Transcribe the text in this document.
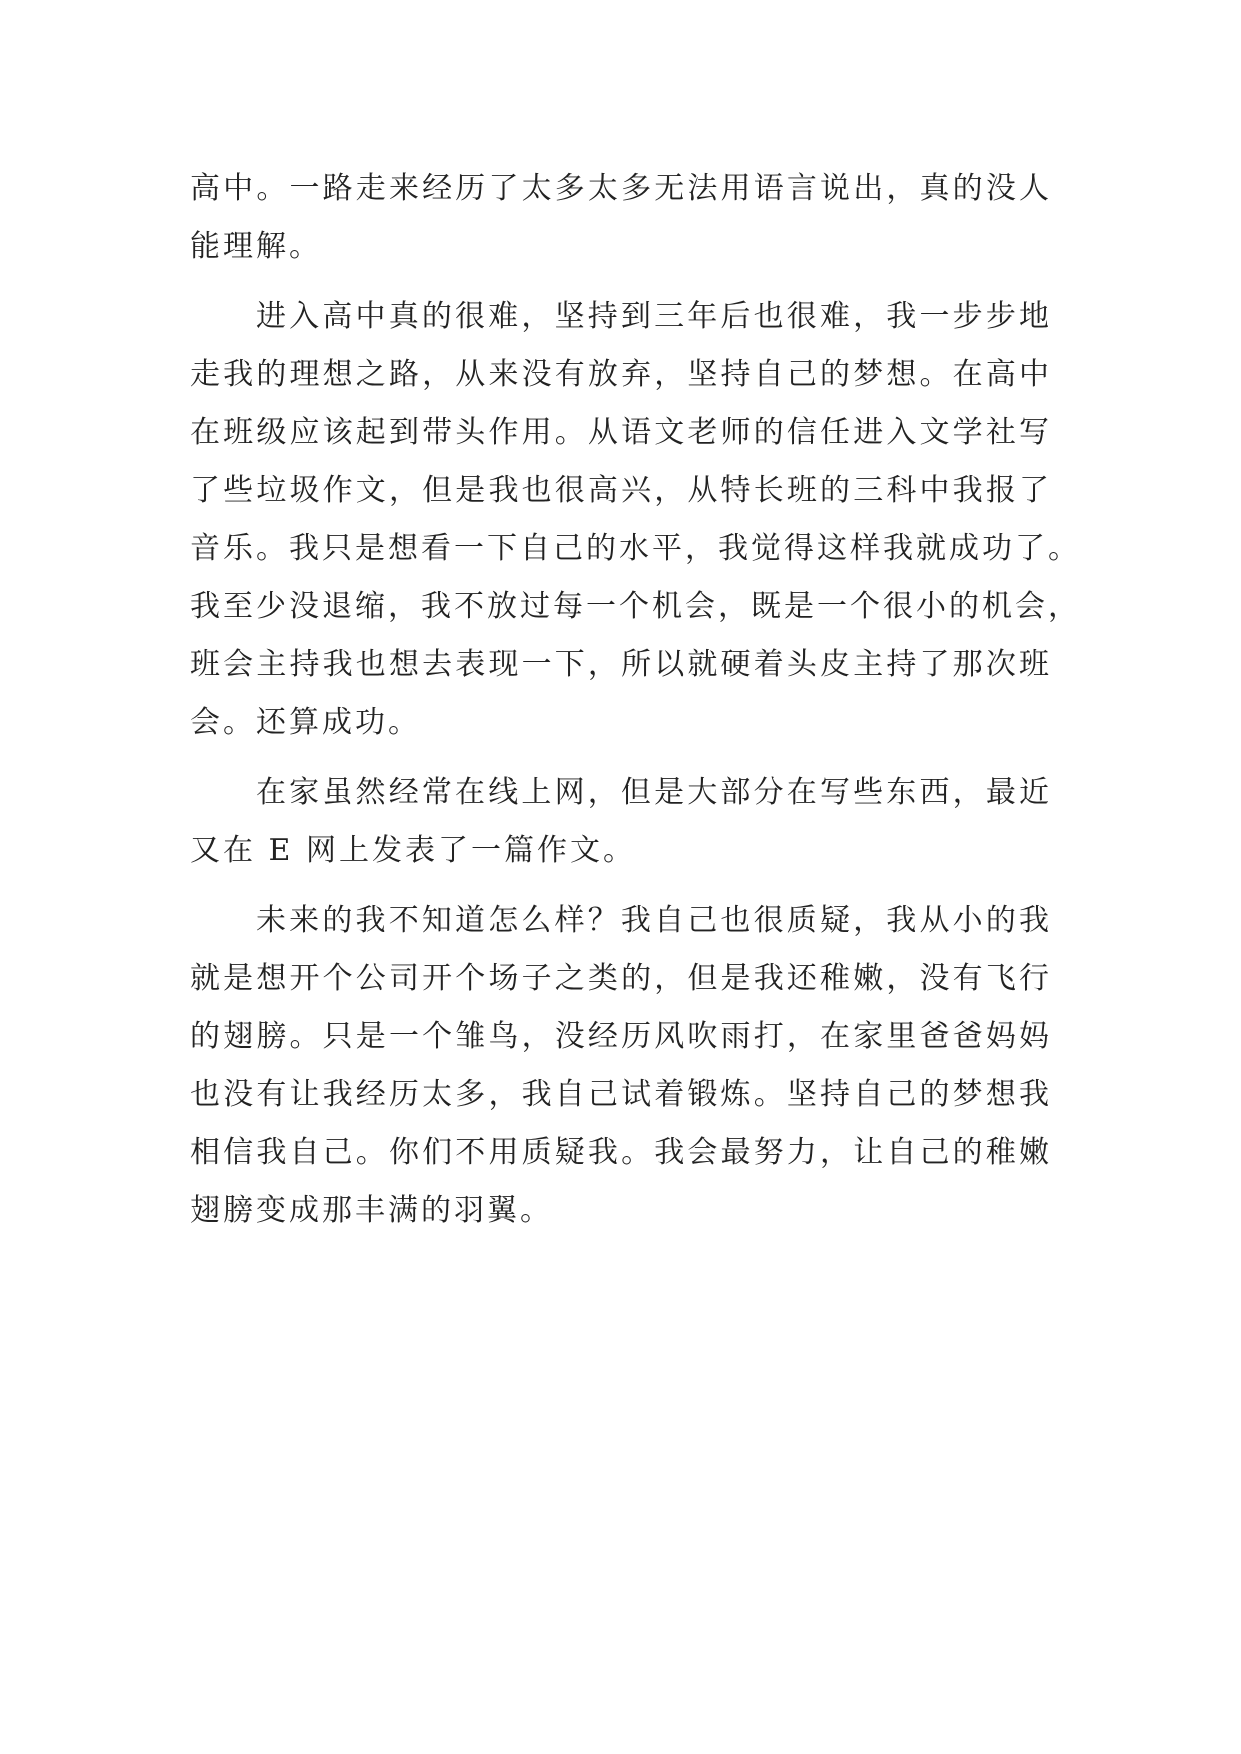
高中。一路走来经历了太多太多无法用语言说出，真的没人
能理解。
进入高中真的很难，坚持到三年后也很难，我一步步地
走我的理想之路，从来没有放弃，坚持自己的梦想。在高中
在班级应该起到带头作用。从语文老师的信任进入文学社写
了些垃圾作文，但是我也很高兴，从特长班的三科中我报了
音乐。我只是想看一下自己的水平，我觉得这样我就成功了。
我至少没退缩，我不放过每一个机会，既是一个很小的机会，
班会主持我也想去表现一下，所以就硬着头皮主持了那次班
会。还算成功。
在家虽然经常在线上网，但是大部分在写些东西，最近
又在 E 网上发表了一篇作文。
未来的我不知道怎么样？我自己也很质疑，我从小的我
就是想开个公司开个场子之类的，但是我还稚嫩，没有飞行
的翅膀。只是一个雏鸟，没经历风吹雨打，在家里爸爸妈妈
也没有让我经历太多，我自己试着锻炼。坚持自己的梦想我
相信我自己。你们不用质疑我。我会最努力，让自己的稚嫩
翅膀变成那丰满的羽翼。
